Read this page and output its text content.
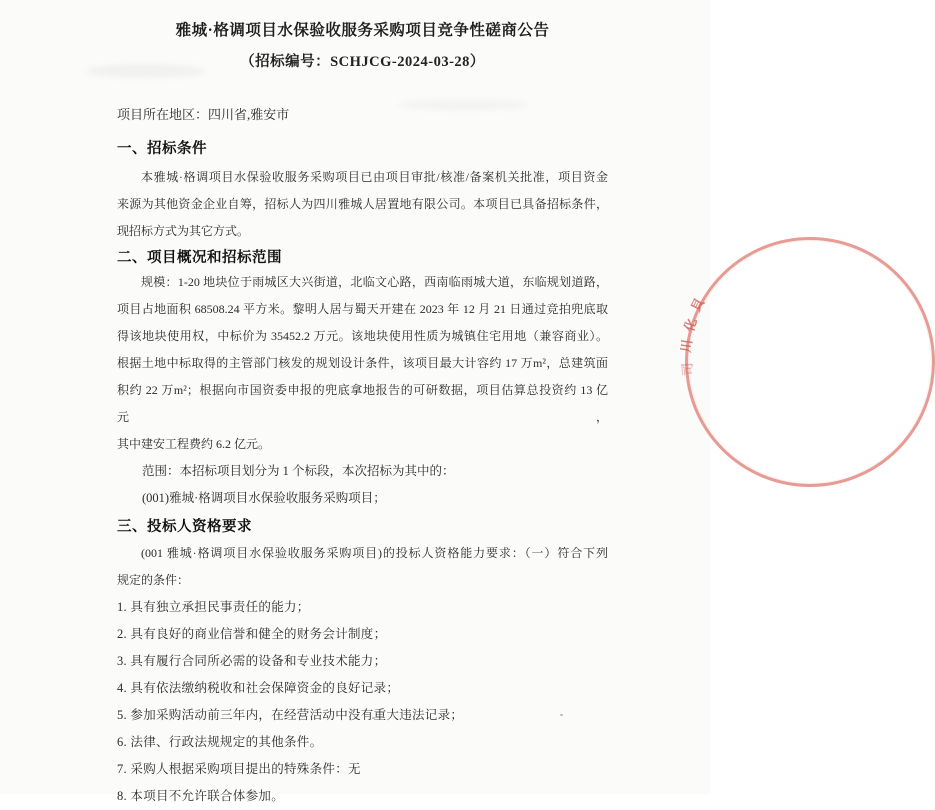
雅城·格调项目水保验收服务采购项目竞争性磋商公告
（招标编号：SCHJCG-2024-03-28）
项目所在地区：四川省,雅安市
一、招标条件
本雅城·格调项目水保验收服务采购项目已由项目审批/核准/备案机关批准，项目资金
来源为其他资金企业自筹，招标人为四川雅城人居置地有限公司。本项目已具备招标条件，
现招标方式为其它方式。
二、项目概况和招标范围
规模：1-20 地块位于雨城区大兴街道，北临文心路，西南临雨城大道，东临规划道路，
项目占地面积 68508.24 平方米。黎明人居与蜀天开建在 2023 年 12 月 21 日通过竞拍兜底取
得该地块使用权，中标价为 35452.2 万元。该地块使用性质为城镇住宅用地（兼容商业）。
根据土地中标取得的主管部门核发的规划设计条件，该项目最大计容约 17 万m²，总建筑面
积约 22 万m²；根据向市国资委申报的兜底拿地报告的可研数据，项目估算总投资约 13 亿元，
其中建安工程费约 6.2 亿元。
范围：本招标项目划分为 1 个标段，本次招标为其中的：
(001)雅城·格调项目水保验收服务采购项目；
三、投标人资格要求
(001 雅城·格调项目水保验收服务采购项目)的投标人资格能力要求：（一）符合下列
规定的条件：
1. 具有独立承担民事责任的能力；
2. 具有良好的商业信誉和健全的财务会计制度；
3. 具有履行合同所必需的设备和专业技术能力；
4. 具有依法缴纳税收和社会保障资金的良好记录；
5. 参加采购活动前三年内，在经营活动中没有重大违法记录；
6. 法律、行政法规规定的其他条件。
7. 采购人根据采购项目提出的特殊条件：无
8. 本项目不允许联合体参加。
貝
化
川
司
